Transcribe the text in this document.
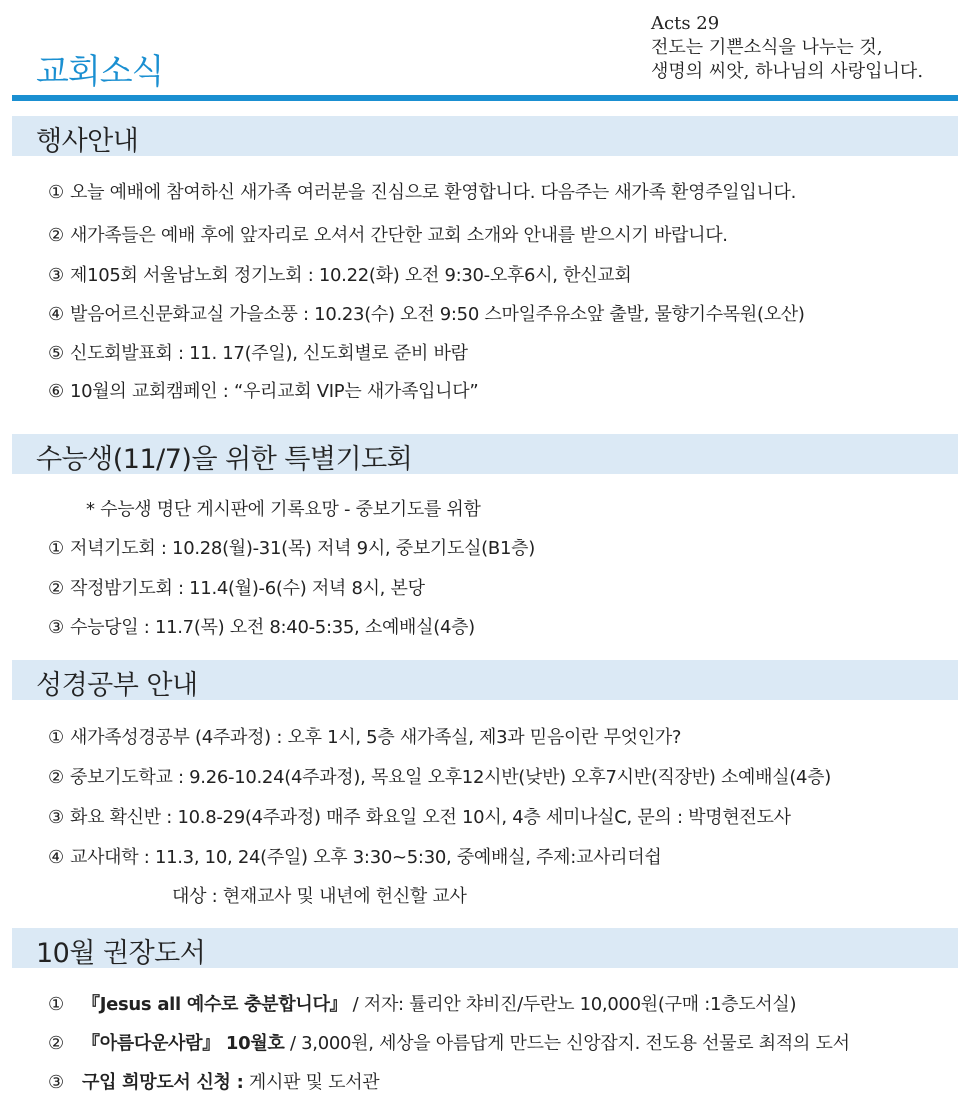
교회소식
Acts 29
전도는 기쁜소식을 나누는 것,
생명의 씨앗, 하나님의 사랑입니다.
행사안내
① 오늘 예배에 참여하신 새가족 여러분을 진심으로 환영합니다. 다음주는 새가족 환영주일입니다.
② 새가족들은 예배 후에 앞자리로 오셔서 간단한 교회 소개와 안내를 받으시기 바랍니다.
③ 제105회 서울남노회 정기노회 : 10.22(화) 오전 9:30-오후6시, 한신교회
④ 발음어르신문화교실 가을소풍 : 10.23(수) 오전 9:50 스마일주유소앞 출발, 물향기수목원(오산)
⑤ 신도회발표회 : 11. 17(주일), 신도회별로 준비 바람
⑥ 10월의 교회캠페인 : “우리교회 VIP는 새가족입니다”
수능생(11/7)을 위한 특별기도회
* 수능생 명단 게시판에 기록요망 - 중보기도를 위함
① 저녁기도회 : 10.28(월)-31(목) 저녁 9시, 중보기도실(B1층)
② 작정밤기도회 : 11.4(월)-6(수) 저녁 8시, 본당
③ 수능당일 : 11.7(목) 오전 8:40-5:35, 소예배실(4층)
성경공부 안내
① 새가족성경공부 (4주과정) : 오후 1시, 5층 새가족실, 제3과 믿음이란 무엇인가?
② 중보기도학교 : 9.26-10.24(4주과정), 목요일 오후12시반(낮반) 오후7시반(직장반) 소예배실(4층)
③ 화요 확신반 : 10.8-29(4주과정) 매주 화요일 오전 10시, 4층 세미나실C, 문의 : 박명현전도사
④ 교사대학 : 11.3, 10, 24(주일) 오후 3:30~5:30, 중예배실, 주제:교사리더쉽
대상 : 현재교사 및 내년에 헌신할 교사
10월 권장도서
① 『Jesus all 예수로 충분합니다』 / 저자: 튤리안 챠비진/두란노 10,000원(구매 :1층도서실)
② 『아름다운사람』 10월호 / 3,000원, 세상을 아름답게 만드는 신앙잡지. 전도용 선물로 최적의 도서
③ 구입 희망도서 신청 : 게시판 및 도서관
